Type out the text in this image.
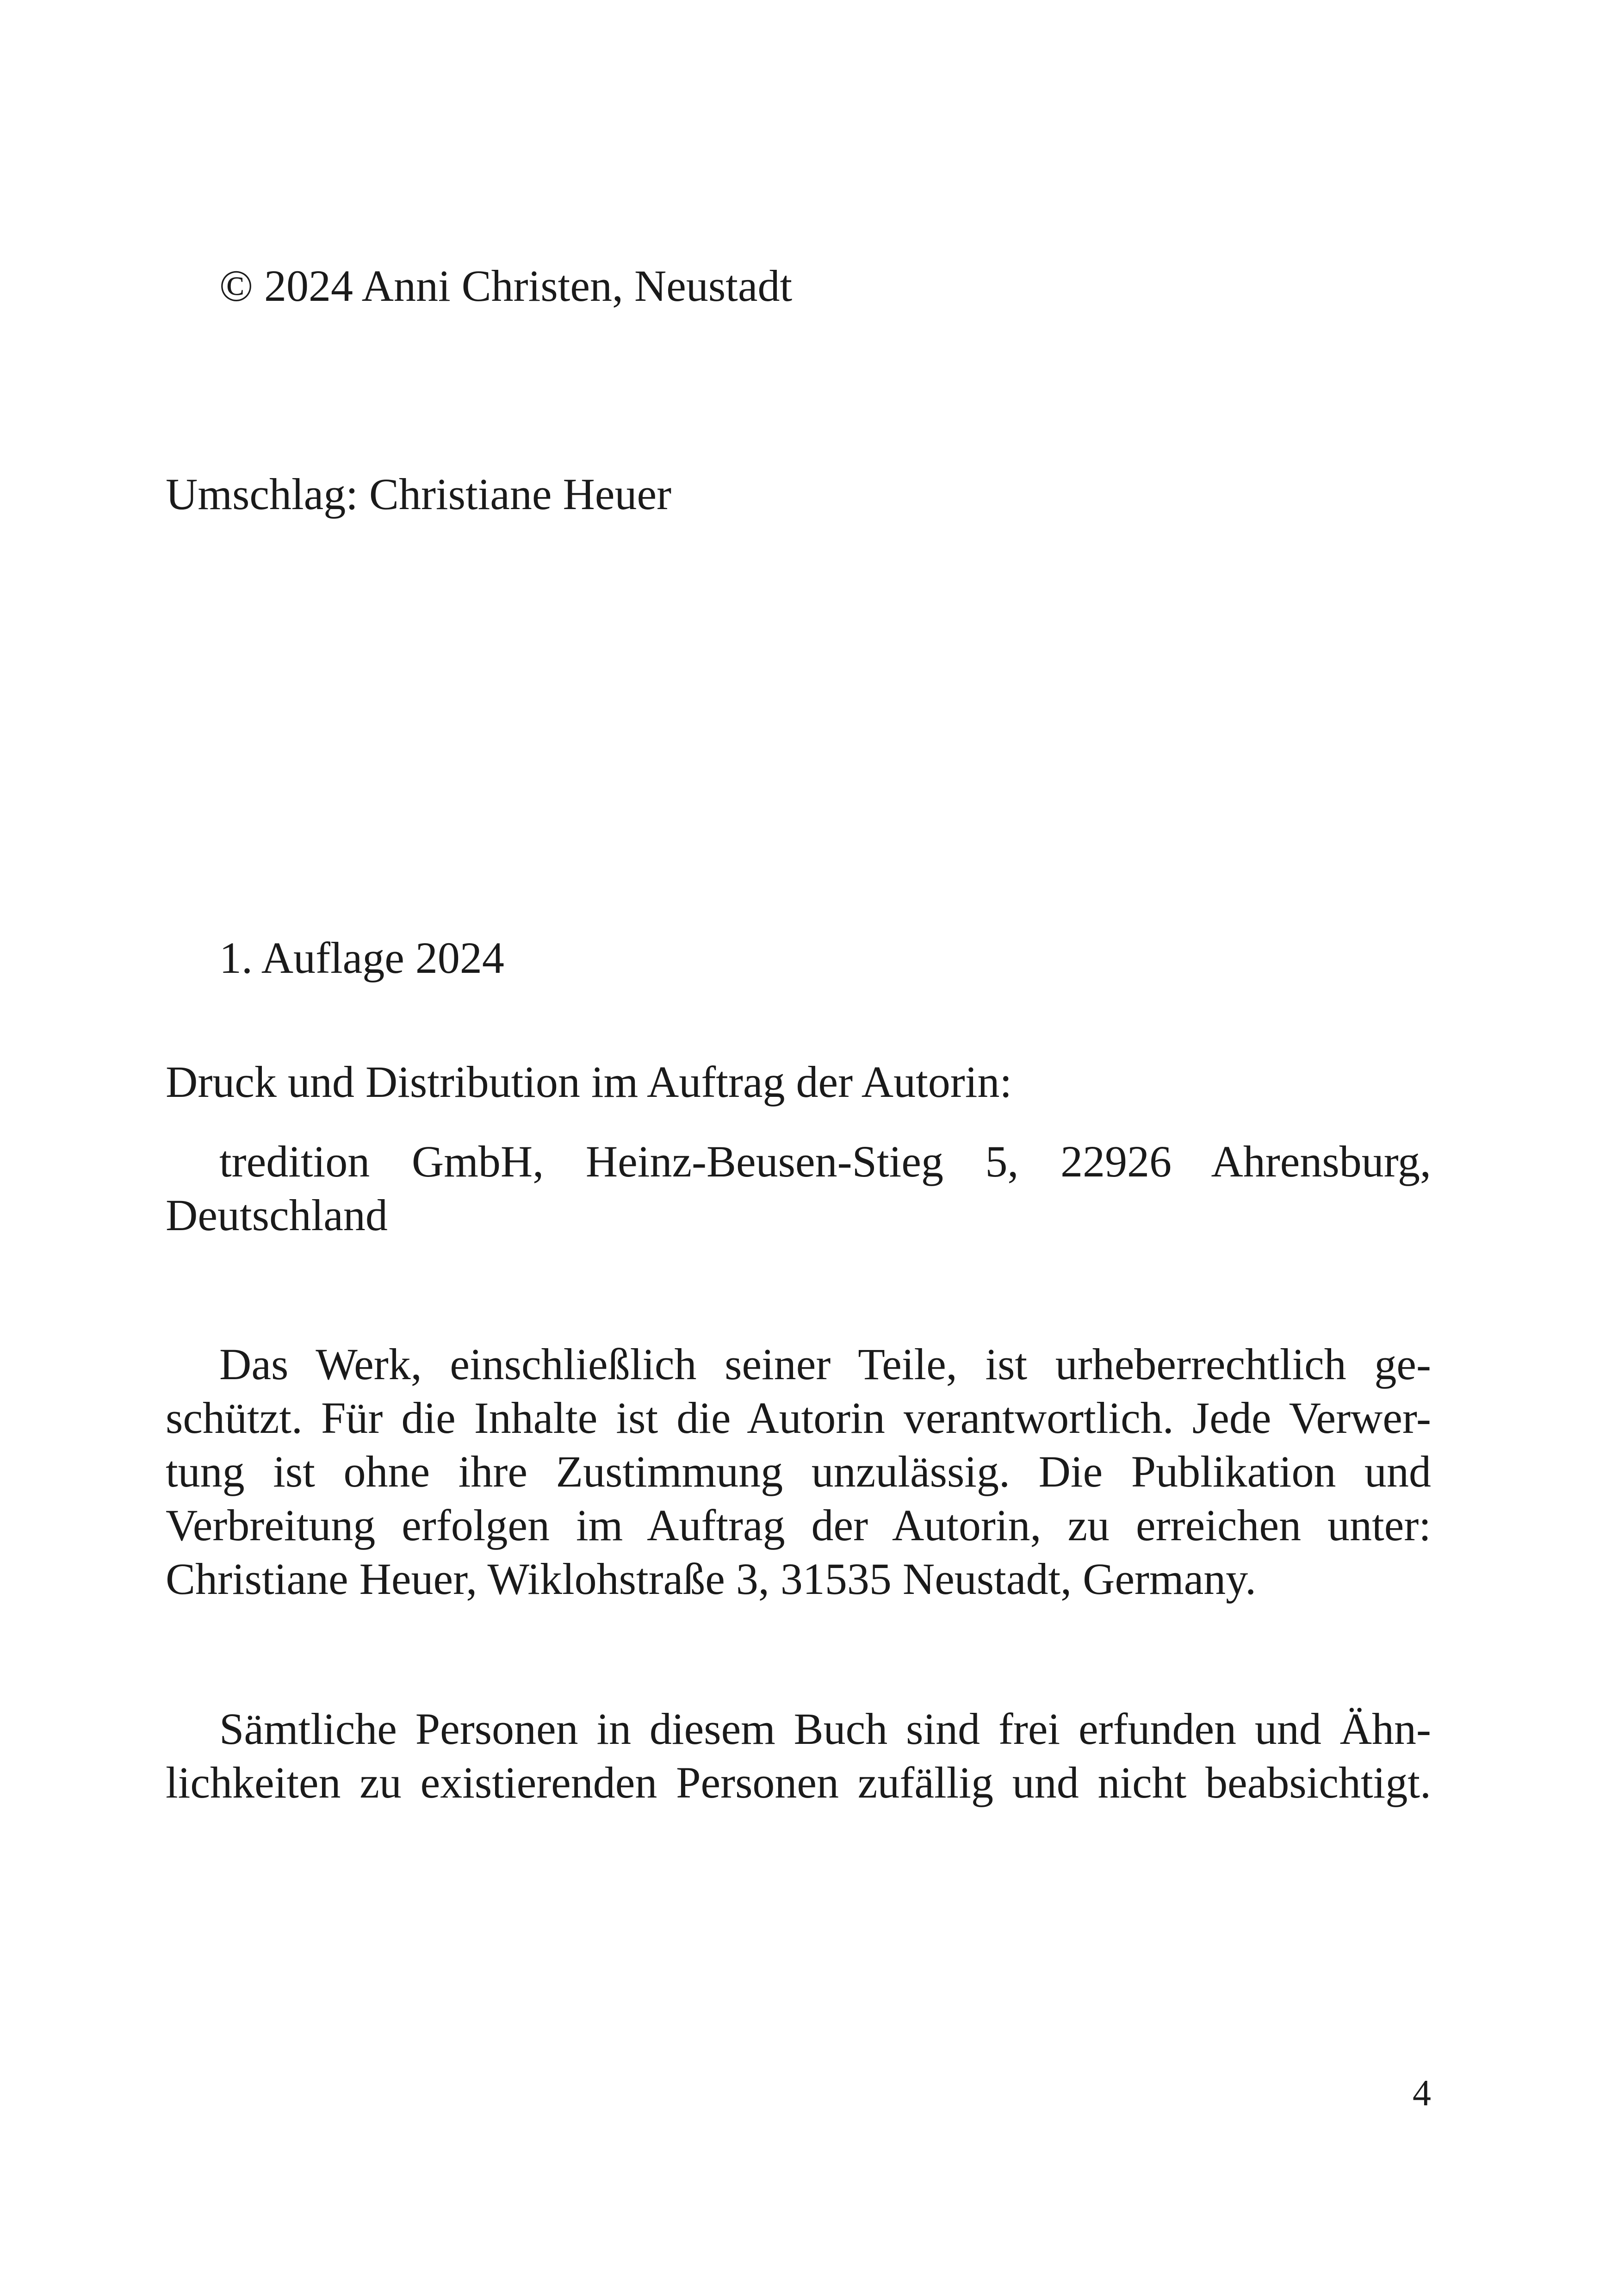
© 2024 Anni Christen, Neustadt

Umschlag: Christiane Heuer

1. Auflage 2024

Druck und Distribution im Auftrag der Autorin:

tredition GmbH, Heinz-Beusen-Stieg 5, 22926 Ahrensburg, Deutschland

Das Werk, einschließlich seiner Teile, ist urheberrechtlich ge-
schützt. Für die Inhalte ist die Autorin verantwortlich. Jede Verwer-
tung ist ohne ihre Zustimmung unzulässig. Die Publikation und
Verbreitung erfolgen im Auftrag der Autorin, zu erreichen unter:
Christiane Heuer, Wiklohstraße 3, 31535 Neustadt, Germany.
Sämtliche Personen in diesem Buch sind frei erfunden und Ähn-
lichkeiten zu existierenden Personen zufällig und nicht beabsichtigt.
4
